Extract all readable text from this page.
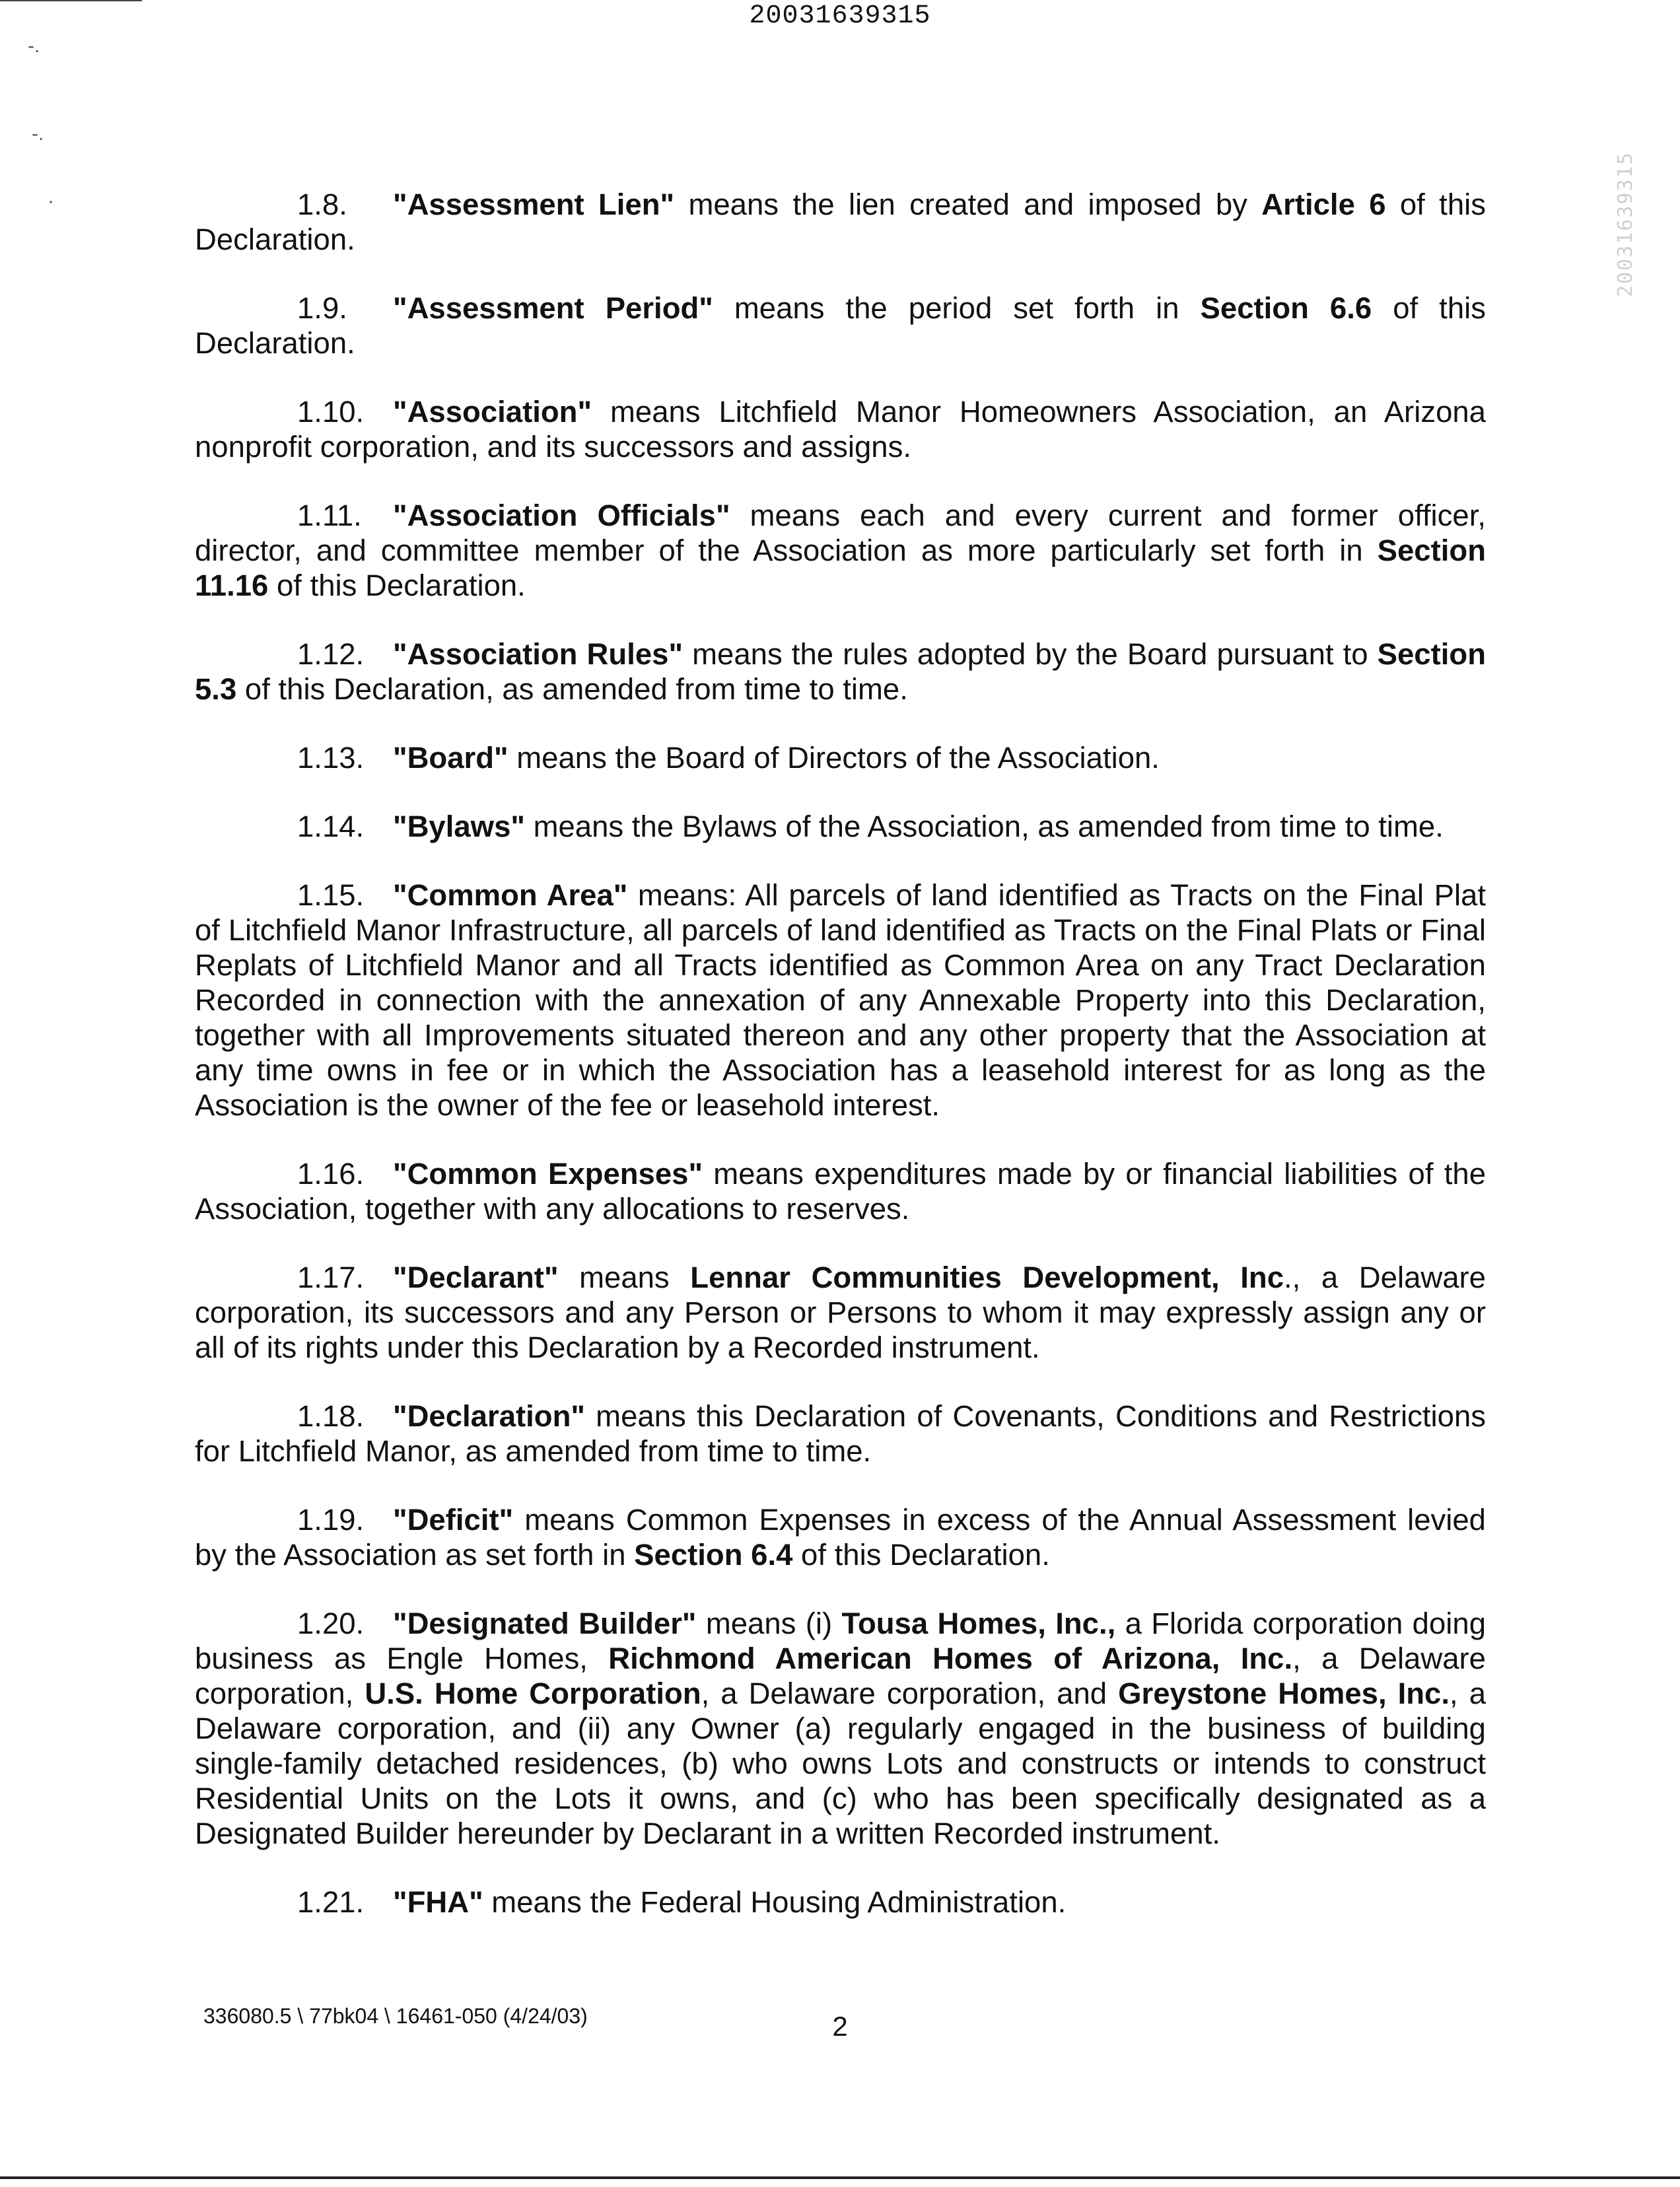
20031639315
-.
-.
·	20031639315

1.8. "Assessment Lien" means the lien created and imposed by Article 6 of this Declaration.

1.9. "Assessment Period" means the period set forth in Section 6.6 of this Declaration.

1.10. "Association" means Litchfield Manor Homeowners Association, an Arizona nonprofit corporation, and its successors and assigns.

1.11. "Association Officials" means each and every current and former officer, director, and committee member of the Association as more particularly set forth in Section 11.16 of this Declaration.

1.12. "Association Rules" means the rules adopted by the Board pursuant to Section 5.3 of this Declaration, as amended from time to time.

1.13. "Board" means the Board of Directors of the Association.

1.14. "Bylaws" means the Bylaws of the Association, as amended from time to time.

1.15. "Common Area" means: All parcels of land identified as Tracts on the Final Plat of Litchfield Manor Infrastructure, all parcels of land identified as Tracts on the Final Plats or Final Replats of Litchfield Manor and all Tracts identified as Common Area on any Tract Declaration Recorded in connection with the annexation of any Annexable Property into this Declaration, together with all Improvements situated thereon and any other property that the Association at any time owns in fee or in which the Association has a leasehold interest for as long as the Association is the owner of the fee or leasehold interest.

1.16. "Common Expenses" means expenditures made by or financial liabilities of the Association, together with any allocations to reserves.

1.17. "Declarant" means Lennar Communities Development, Inc., a Delaware corporation, its successors and any Person or Persons to whom it may expressly assign any or all of its rights under this Declaration by a Recorded instrument.

1.18. "Declaration" means this Declaration of Covenants, Conditions and Restrictions for Litchfield Manor, as amended from time to time.

1.19. "Deficit" means Common Expenses in excess of the Annual Assessment levied by the Association as set forth in Section 6.4 of this Declaration.

1.20. "Designated Builder" means (i) Tousa Homes, Inc., a Florida corporation doing business as Engle Homes, Richmond American Homes of Arizona, Inc., a Delaware corporation, U.S. Home Corporation, a Delaware corporation, and Greystone Homes, Inc., a Delaware corporation, and (ii) any Owner (a) regularly engaged in the business of building single-family detached residences, (b) who owns Lots and constructs or intends to construct Residential Units on the Lots it owns, and (c) who has been specifically designated as a Designated Builder hereunder by Declarant in a written Recorded instrument.

1.21. "FHA" means the Federal Housing Administration.

336080.5 \ 77bk04 \ 16461-050 (4/24/03)	2
